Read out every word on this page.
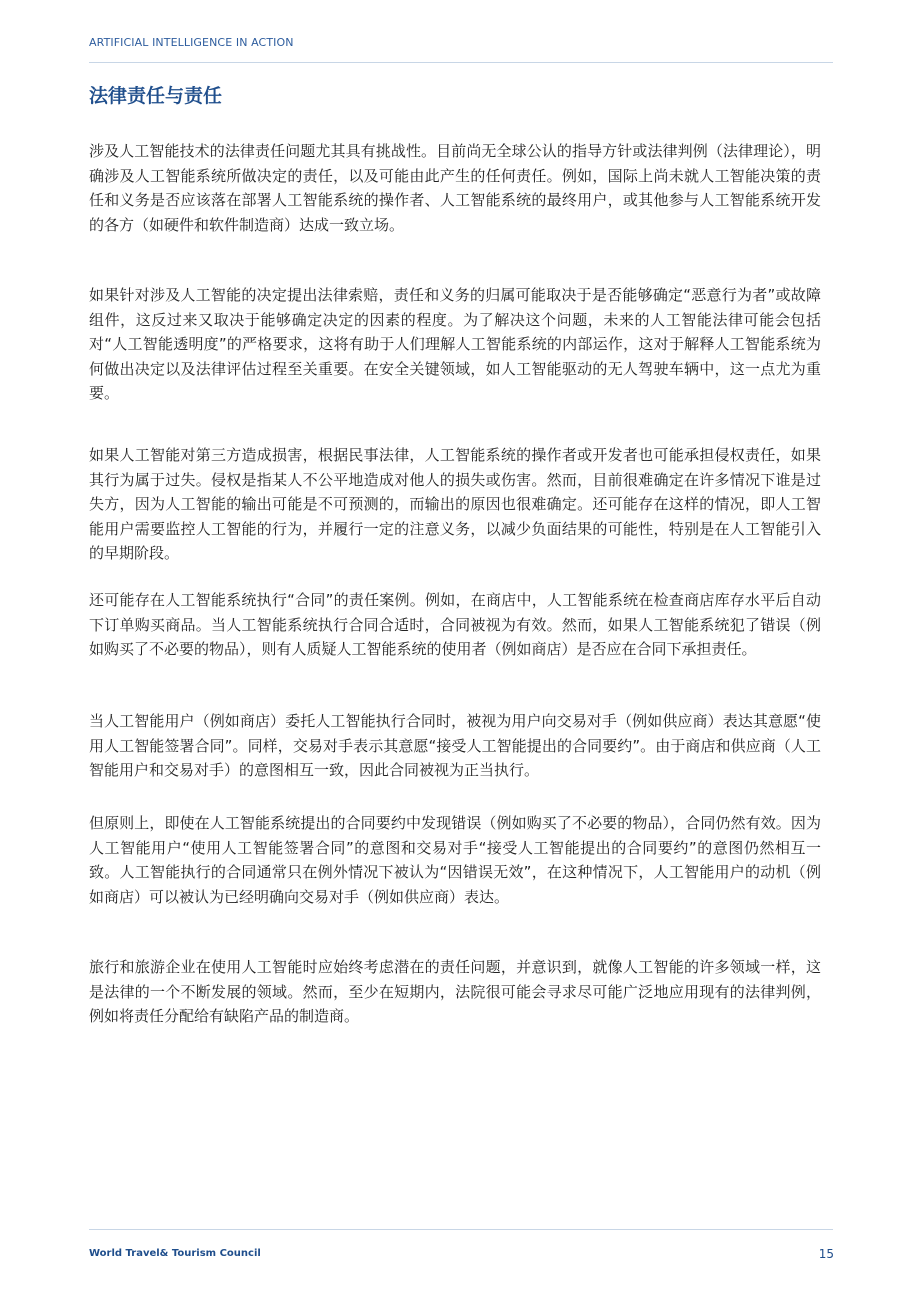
ARTIFICIAL INTELLIGENCE IN ACTION
法律责任与责任

涉及人工智能技术的法律责任问题尤其具有挑战性。目前尚无全球公认的指导方针或法律判例（法律理论），明确涉及人工智能系统所做决定的责任，以及可能由此产生的任何责任。例如，国际上尚未就人工智能决策的责任和义务是否应该落在部署人工智能系统的操作者、人工智能系统的最终用户，或其他参与人工智能系统开发的各方（如硬件和软件制造商）达成一致立场。

如果针对涉及人工智能的决定提出法律索赔，责任和义务的归属可能取决于是否能够确定“恶意行为者”或故障组件，这反过来又取决于能够确定决定的因素的程度。为了解决这个问题，未来的人工智能法律可能会包括对“人工智能透明度”的严格要求，这将有助于人们理解人工智能系统的内部运作，这对于解释人工智能系统为何做出决定以及法律评估过程至关重要。在安全关键领域，如人工智能驱动的无人驾驶车辆中，这一点尤为重要。

如果人工智能对第三方造成损害，根据民事法律，人工智能系统的操作者或开发者也可能承担侵权责任，如果其行为属于过失。侵权是指某人不公平地造成对他人的损失或伤害。然而，目前很难确定在许多情况下谁是过失方，因为人工智能的输出可能是不可预测的，而输出的原因也很难确定。还可能存在这样的情况，即人工智能用户需要监控人工智能的行为，并履行一定的注意义务，以减少负面结果的可能性，特别是在人工智能引入的早期阶段。

还可能存在人工智能系统执行“合同”的责任案例。例如，在商店中，人工智能系统在检查商店库存水平后自动下订单购买商品。当人工智能系统执行合同合适时，合同被视为有效。然而，如果人工智能系统犯了错误（例如购买了不必要的物品），则有人质疑人工智能系统的使用者（例如商店）是否应在合同下承担责任。

当人工智能用户（例如商店）委托人工智能执行合同时，被视为用户向交易对手（例如供应商）表达其意愿“使用人工智能签署合同”。同样，交易对手表示其意愿“接受人工智能提出的合同要约”。由于商店和供应商（人工智能用户和交易对手）的意图相互一致，因此合同被视为正当执行。

但原则上，即使在人工智能系统提出的合同要约中发现错误（例如购买了不必要的物品），合同仍然有效。因为人工智能用户“使用人工智能签署合同”的意图和交易对手“接受人工智能提出的合同要约”的意图仍然相互一致。人工智能执行的合同通常只在例外情况下被认为“因错误无效”，在这种情况下，人工智能用户的动机（例如商店）可以被认为已经明确向交易对手（例如供应商）表达。

旅行和旅游企业在使用人工智能时应始终考虑潜在的责任问题，并意识到，就像人工智能的许多领域一样，这是法律的一个不断发展的领域。然而，至少在短期内，法院很可能会寻求尽可能广泛地应用现有的法律判例，例如将责任分配给有缺陷产品的制造商。

World Travel& Tourism Council	15
